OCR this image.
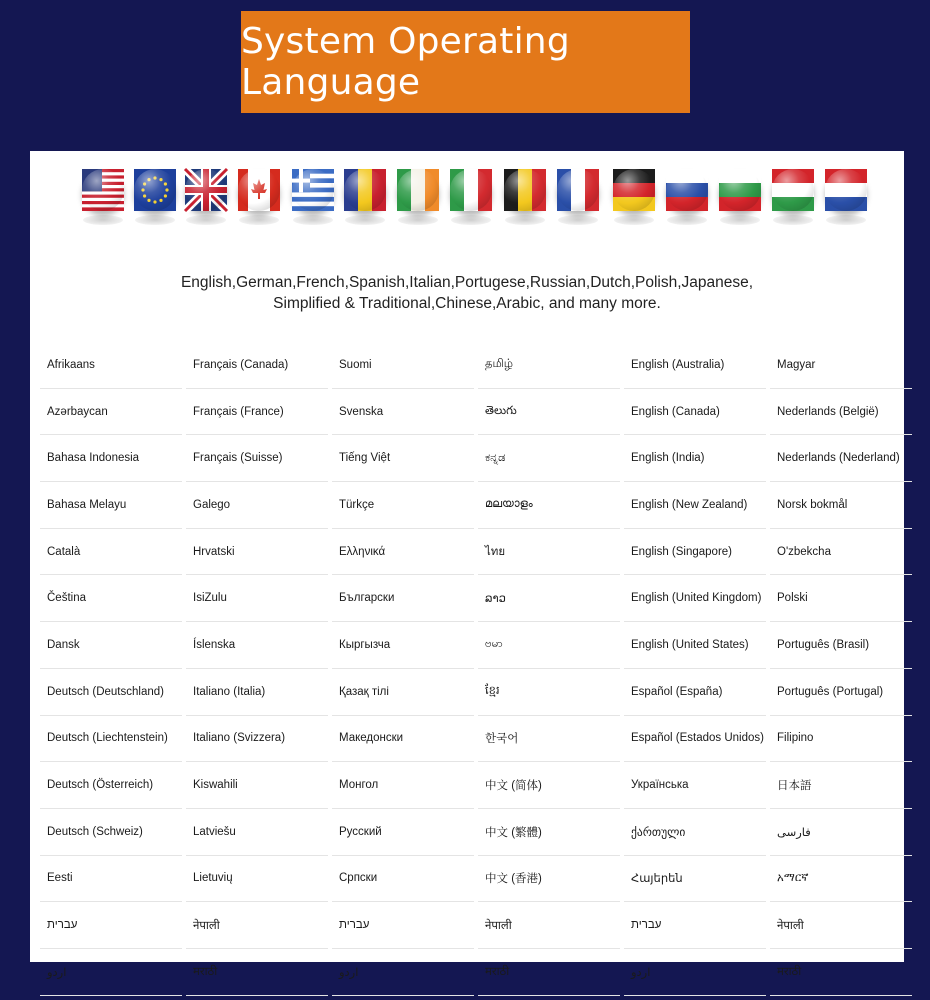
System Operating Language
English,German,French,Spanish,Italian,Portugese,Russian,Dutch,Polish,Japanese,
Simplified & Traditional,Chinese,Arabic, and many more.
Afrikaans	Français (Canada)	Suomi	தமிழ்	English (Australia)	Magyar
Azərbaycan	Français (France)	Svenska	తెలుగు	English (Canada)	Nederlands (België)
Bahasa Indonesia	Français (Suisse)	Tiếng Việt	ಕನ್ನಡ	English (India)	Nederlands (Nederland)
Bahasa Melayu	Galego	Türkçe	മലയാളം	English (New Zealand)	Norsk bokmål
Català	Hrvatski	Ελληνικά	ไทย	English (Singapore)	O'zbekcha
Čeština	IsiZulu	Български	ລາວ	English (United Kingdom)	Polski
Dansk	Íslenska	Кыргызча	ဗမာ	English (United States)	Português (Brasil)
Deutsch (Deutschland)	Italiano (Italia)	Қазақ тілі	ខ្មែរ	Español (España)	Português (Portugal)
Deutsch (Liechtenstein)	Italiano (Svizzera)	Македонски	한국어	Español (Estados Unidos)	Filipino
Deutsch (Österreich)	Kiswahili	Монгол	中文 (简体)	Українська	日本語
Deutsch (Schweiz)	Latviešu	Русский	中文 (繁體)	ქართული	فارسی
Eesti	Lietuvių	Српски	中文 (香港)	Հայերեն	አማርኛ
עברית	नेपाली	עברית	नेपाली	עברית	नेपाली
اردو	मराठी	اردو	मराठी	اردو	मराठी
